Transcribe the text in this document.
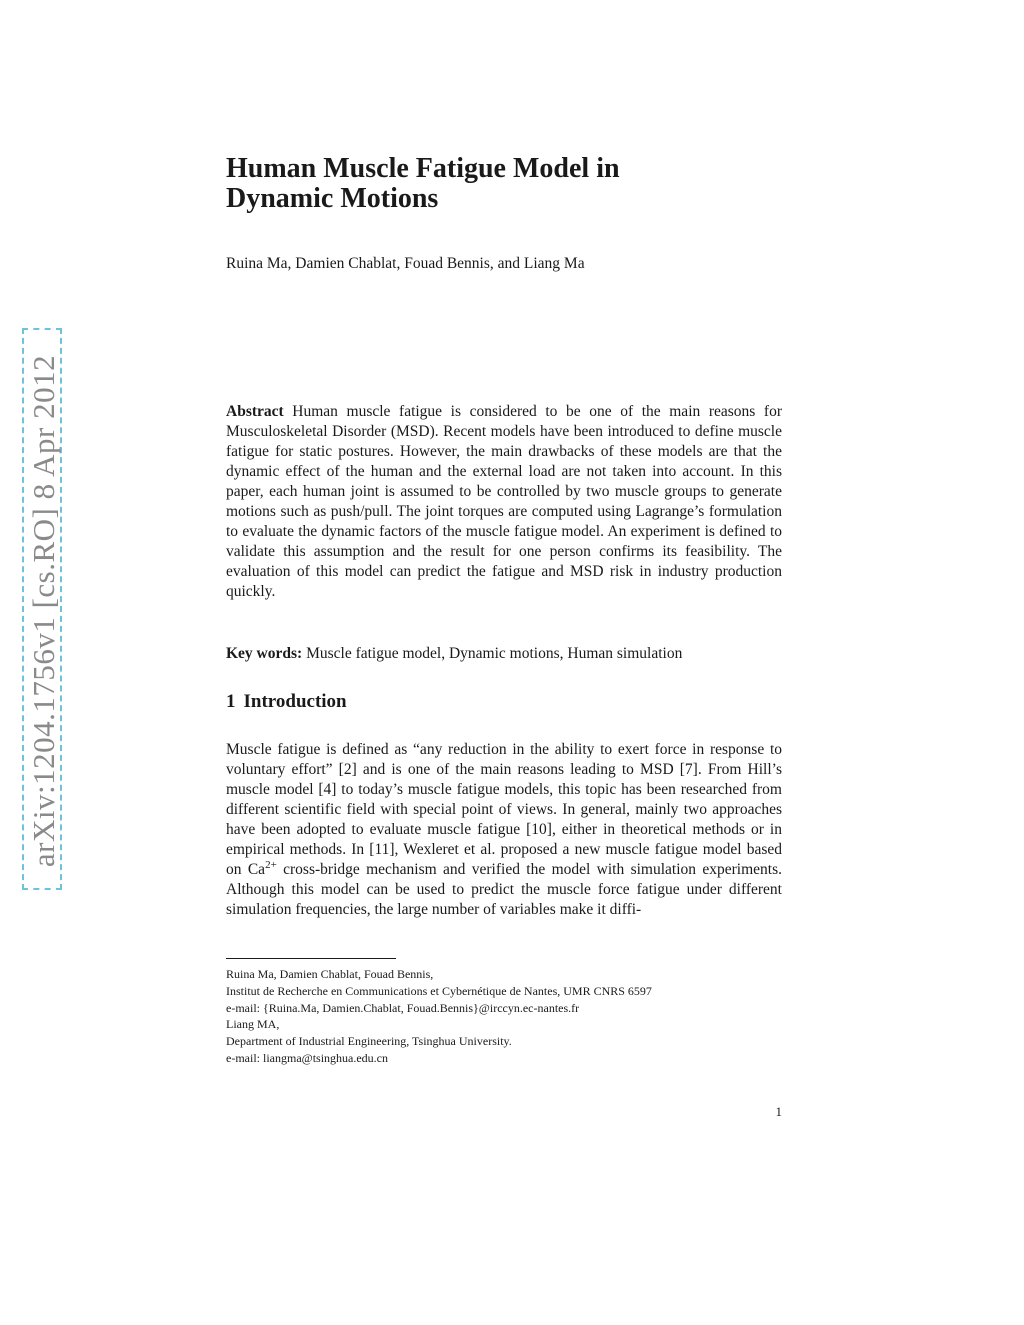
arXiv:1204.1756v1 [cs.RO] 8 Apr 2012
Human Muscle Fatigue Model in
Dynamic Motions
Ruina Ma, Damien Chablat, Fouad Bennis, and Liang Ma
Abstract Human muscle fatigue is considered to be one of the main reasons for Musculoskeletal Disorder (MSD). Recent models have been introduced to define muscle fatigue for static postures. However, the main drawbacks of these models are that the dynamic effect of the human and the external load are not taken into account. In this paper, each human joint is assumed to be controlled by two muscle groups to generate motions such as push/pull. The joint torques are computed using Lagrange’s formulation to evaluate the dynamic factors of the muscle fatigue model. An experiment is defined to validate this assumption and the result for one person confirms its feasibility. The evaluation of this model can predict the fatigue and MSD risk in industry production quickly.
Key words: Muscle fatigue model, Dynamic motions, Human simulation
1 Introduction
Muscle fatigue is defined as “any reduction in the ability to exert force in response to voluntary effort” [2] and is one of the main reasons leading to MSD [7]. From Hill’s muscle model [4] to today’s muscle fatigue models, this topic has been researched from different scientific field with special point of views. In general, mainly two approaches have been adopted to evaluate muscle fatigue [10], either in theoretical methods or in empirical methods. In [11], Wexleret et al. proposed a new muscle fatigue model based on $Ca^{2+}$ cross-bridge mechanism and verified the model with simulation experiments. Although this model can be used to predict the muscle force fatigue under different simulation frequencies, the large number of variables make it diffi-
Ruina Ma, Damien Chablat, Fouad Bennis,
Institut de Recherche en Communications et Cybernétique de Nantes, UMR CNRS 6597
e-mail: {Ruina.Ma, Damien.Chablat, Fouad.Bennis}@irccyn.ec-nantes.fr
Liang MA,
Department of Industrial Engineering, Tsinghua University.
e-mail: liangma@tsinghua.edu.cn
1
